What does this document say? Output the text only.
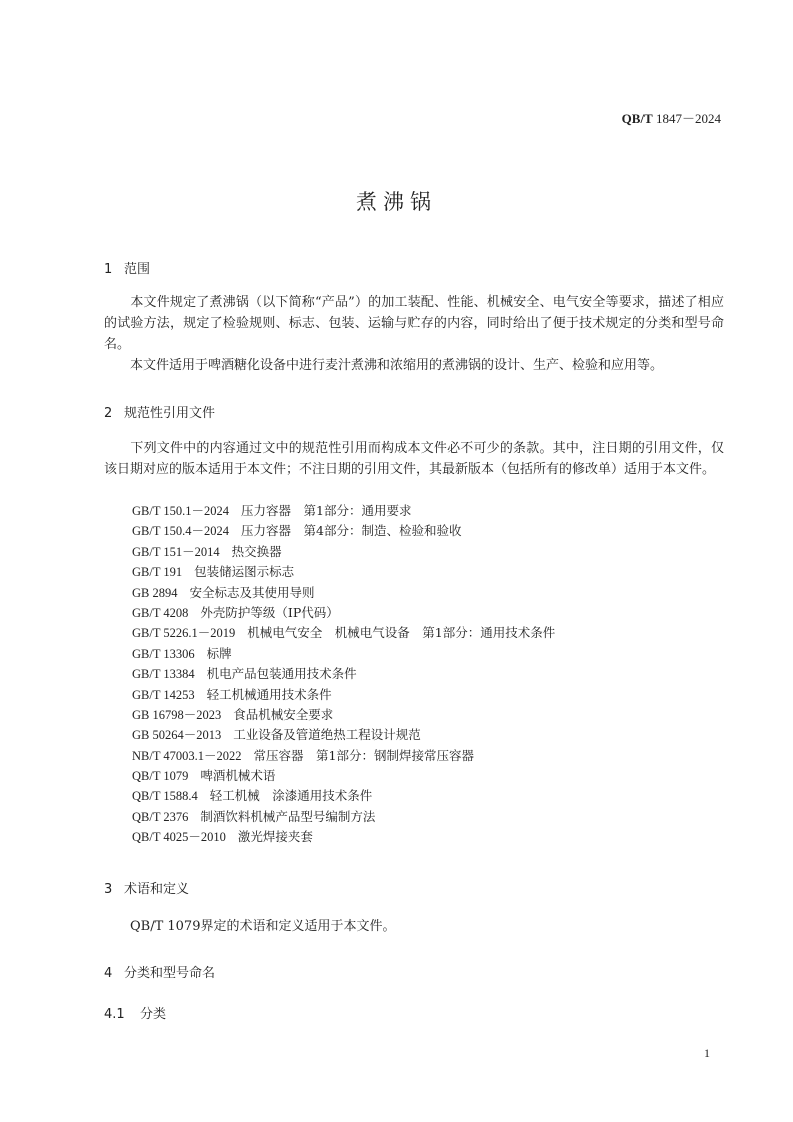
QB/T 1847－2024
煮沸锅
1 范围
　　本文件规定了煮沸锅（以下简称“产品”）的加工装配、性能、机械安全、电气安全等要求，描述了相应的试验方法，规定了检验规则、标志、包装、运输与贮存的内容，同时给出了便于技术规定的分类和型号命名。
　　本文件适用于啤酒糖化设备中进行麦汁煮沸和浓缩用的煮沸锅的设计、生产、检验和应用等。
2 规范性引用文件
　　下列文件中的内容通过文中的规范性引用而构成本文件必不可少的条款。其中，注日期的引用文件，仅该日期对应的版本适用于本文件；不注日期的引用文件，其最新版本（包括所有的修改单）适用于本文件。
GB/T 150.1－2024 压力容器　第1部分：通用要求
GB/T 150.4－2024 压力容器　第4部分：制造、检验和验收
GB/T 151－2014 热交换器
GB/T 191 包装储运图示标志
GB 2894 安全标志及其使用导则
GB/T 4208 外壳防护等级（IP代码）
GB/T 5226.1－2019 机械电气安全　机械电气设备　第1部分：通用技术条件
GB/T 13306 标牌
GB/T 13384 机电产品包装通用技术条件
GB/T 14253 轻工机械通用技术条件
GB 16798－2023 食品机械安全要求
GB 50264－2013 工业设备及管道绝热工程设计规范
NB/T 47003.1－2022 常压容器　第1部分：钢制焊接常压容器
QB/T 1079 啤酒机械术语
QB/T 1588.4 轻工机械　涂漆通用技术条件
QB/T 2376 制酒饮料机械产品型号编制方法
QB/T 4025－2010 激光焊接夹套
3 术语和定义
　　QB/T 1079界定的术语和定义适用于本文件。
4 分类和型号命名
4.1 分类
1
